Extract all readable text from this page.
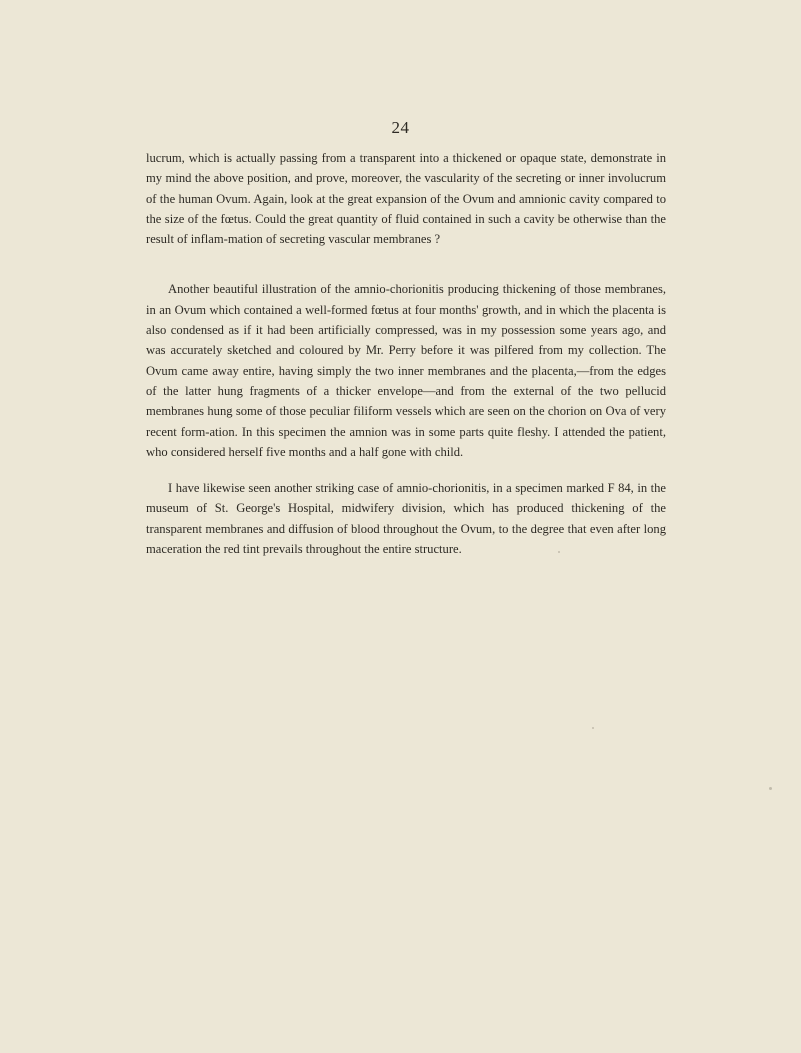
24

lucrum, which is actually passing from a transparent into a thickened or opaque state, demonstrate in my mind the above position, and prove, moreover, the vascularity of the secreting or inner involucrum of the human Ovum. Again, look at the great expansion of the Ovum and amnionic cavity compared to the size of the fœtus. Could the great quantity of fluid contained in such a cavity be otherwise than the result of inflam-mation of secreting vascular membranes ?

Another beautiful illustration of the amnio-chorionitis producing thickening of those membranes, in an Ovum which contained a well-formed fœtus at four months' growth, and in which the placenta is also condensed as if it had been artificially compressed, was in my possession some years ago, and was accurately sketched and coloured by Mr. Perry before it was pilfered from my collection. The Ovum came away entire, having simply the two inner membranes and the placenta,—from the edges of the latter hung fragments of a thicker envelope—and from the external of the two pellucid membranes hung some of those peculiar filiform vessels which are seen on the chorion on Ova of very recent form-ation. In this specimen the amnion was in some parts quite fleshy. I attended the patient, who considered herself five months and a half gone with child.

I have likewise seen another striking case of amnio-chorionitis, in a specimen marked F 84, in the museum of St. George's Hospital, midwifery division, which has produced thickening of the transparent membranes and diffusion of blood throughout the Ovum, to the degree that even after long maceration the red tint prevails throughout the entire structure.
